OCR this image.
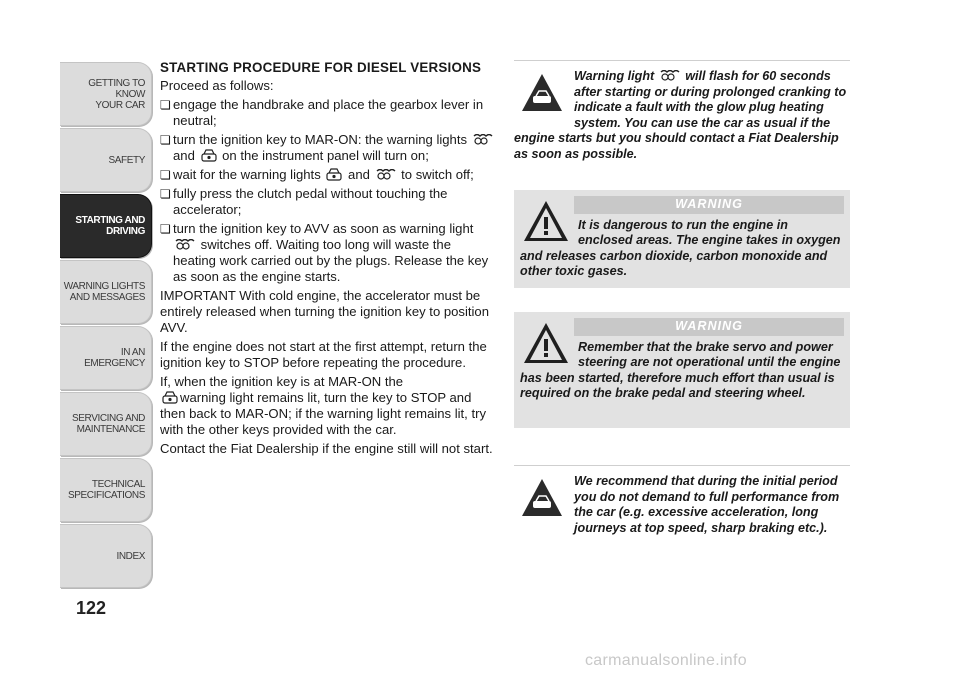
GETTING TO KNOW
YOUR CAR
SAFETY
STARTING AND
DRIVING
WARNING LIGHTS
AND MESSAGES
IN AN EMERGENCY
SERVICING AND
MAINTENANCE
TECHNICAL
SPECIFICATIONS
INDEX
122
STARTING PROCEDURE FOR DIESEL VERSIONS
Proceed as follows:
❏ engage the handbrake and place the gearbox lever in neutral;
❏ turn the ignition key to MAR-ON: the warning lights  and on the instrument panel will turn on;
❏ wait for the warning lights and to switch off;
❏ fully press the clutch pedal without touching the accelerator;
❏ turn the ignition key to AVV as soon as warning light  switches off. Waiting too long will waste the heating work carried out by the plugs. Release the key as soon as the engine starts.
IMPORTANT With cold engine, the accelerator must be entirely released when turning the ignition key to position AVV.
If the engine does not start at the first attempt, return the ignition key to STOP before repeating the procedure.
If, when the ignition key is at MAR-ON the
warning light remains lit, turn the key to STOP and then back to MAR-ON; if the warning light remains lit, try with the other keys provided with the car.
Contact the Fiat Dealership if the engine still will not start.
Warning light will flash for 60 seconds after starting or during prolonged cranking to indicate a fault with the glow plug heating system. You can use the car as usual if the engine starts but you should contact a Fiat Dealership as soon as possible.
WARNING
It is dangerous to run the engine in enclosed areas. The engine takes in oxygen and releases carbon dioxide, carbon monoxide and other toxic gases.
WARNING
Remember that the brake servo and power steering are not operational until the engine has been started, therefore much effort than usual is required on the brake pedal and steering wheel.
We recommend that during the initial period you do not demand to full performance from the car (e.g. excessive acceleration, long journeys at top speed, sharp braking etc.).
carmanualsonline.info
